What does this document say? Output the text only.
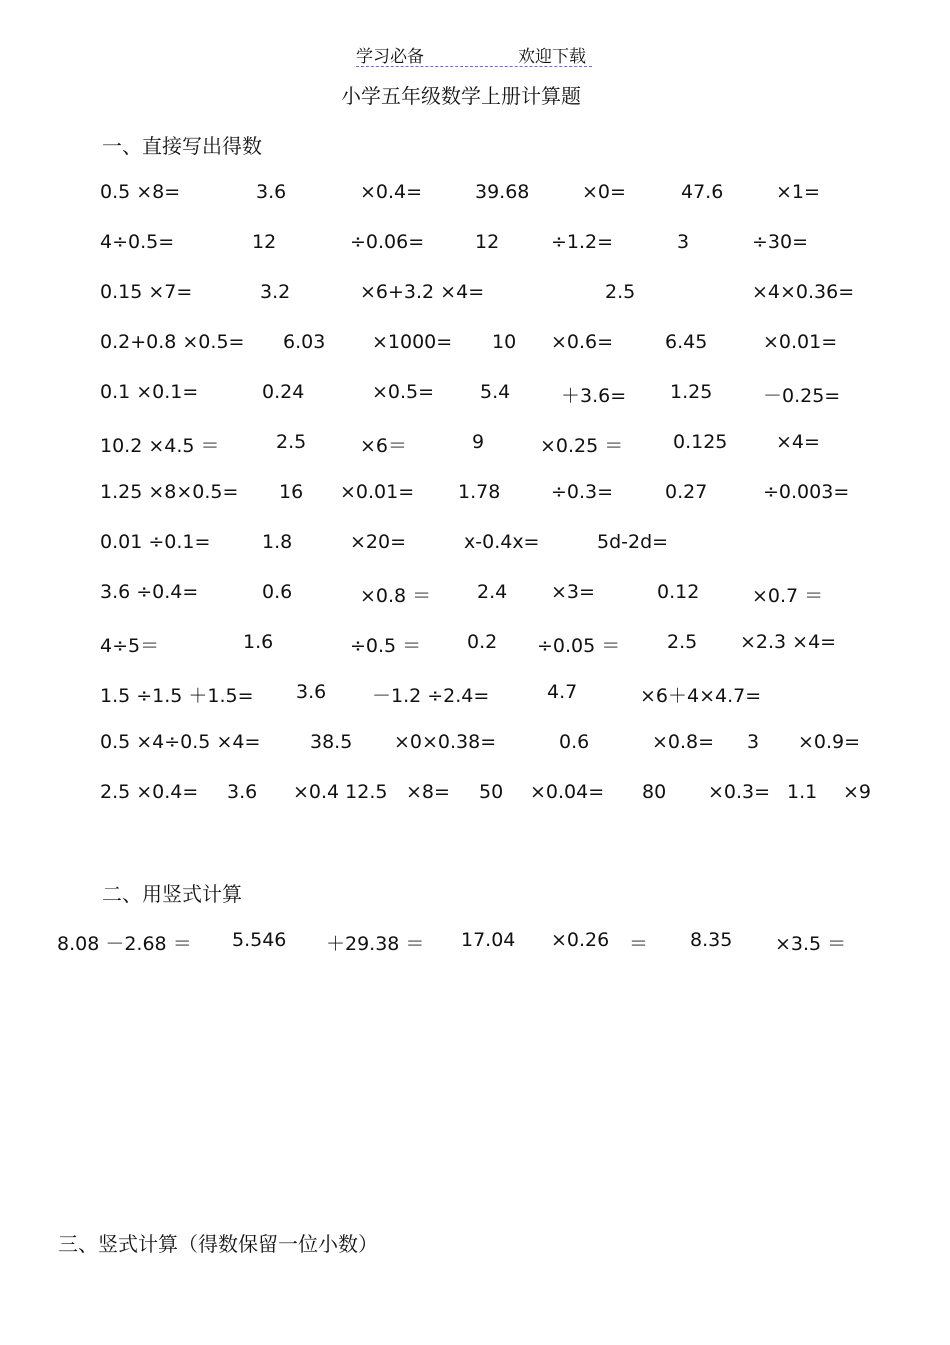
学习必备	欢迎下载
小学五年级数学上册计算题
一、直接写出得数
0.5 ×8=	3.6	×0.4=	39.68	×0=	47.6	×1=
4÷0.5=	12	÷0.06=	12	÷1.2=	3	÷30=
0.15 ×7=	3.2	×6+3.2 ×4=	2.5	×4×0.36=
0.2+0.8 ×0.5= 6.03 ×1000= 10 ×0.6=	6.45	×0.01=
0.1 ×0.1=	0.24	×0.5= 5.4	＋3.6= 1.25	－0.25=
10.2 ×4.5 ＝	2.5	×6＝	9	×0.25 ＝	0.125	×4=
1.25 ×8×0.5= 16 ×0.01= 1.78	÷0.3=	0.27	÷0.003=
0.01 ÷0.1=	1.8	×20=	x-0.4x=	5d-2d=
3.6 ÷0.4=	0.6	×0.8 ＝ 2.4 ×3=	0.12	×0.7 ＝
4÷5＝	1.6	÷0.5 ＝ 0.2 ÷0.05 ＝ 2.5 ×2.3 ×4=
1.5 ÷1.5 ＋1.5= 3.6 －1.2 ÷2.4=	4.7	×6＋4×4.7=
0.5 ×4÷0.5 ×4=	38.5 ×0×0.38=	0.6	×0.8= 3 ×0.9=
2.5 ×0.4= 3.6 ×0.4 12.5 ×8= 50 ×0.04= 80 ×0.3= 1.1 ×9
二、用竖式计算
8.08 －2.68 ＝ 5.546 ＋29.38 ＝ 17.04 ×0.26 ＝ 8.35 ×3.5 ＝
三、竖式计算（得数保留一位小数）
